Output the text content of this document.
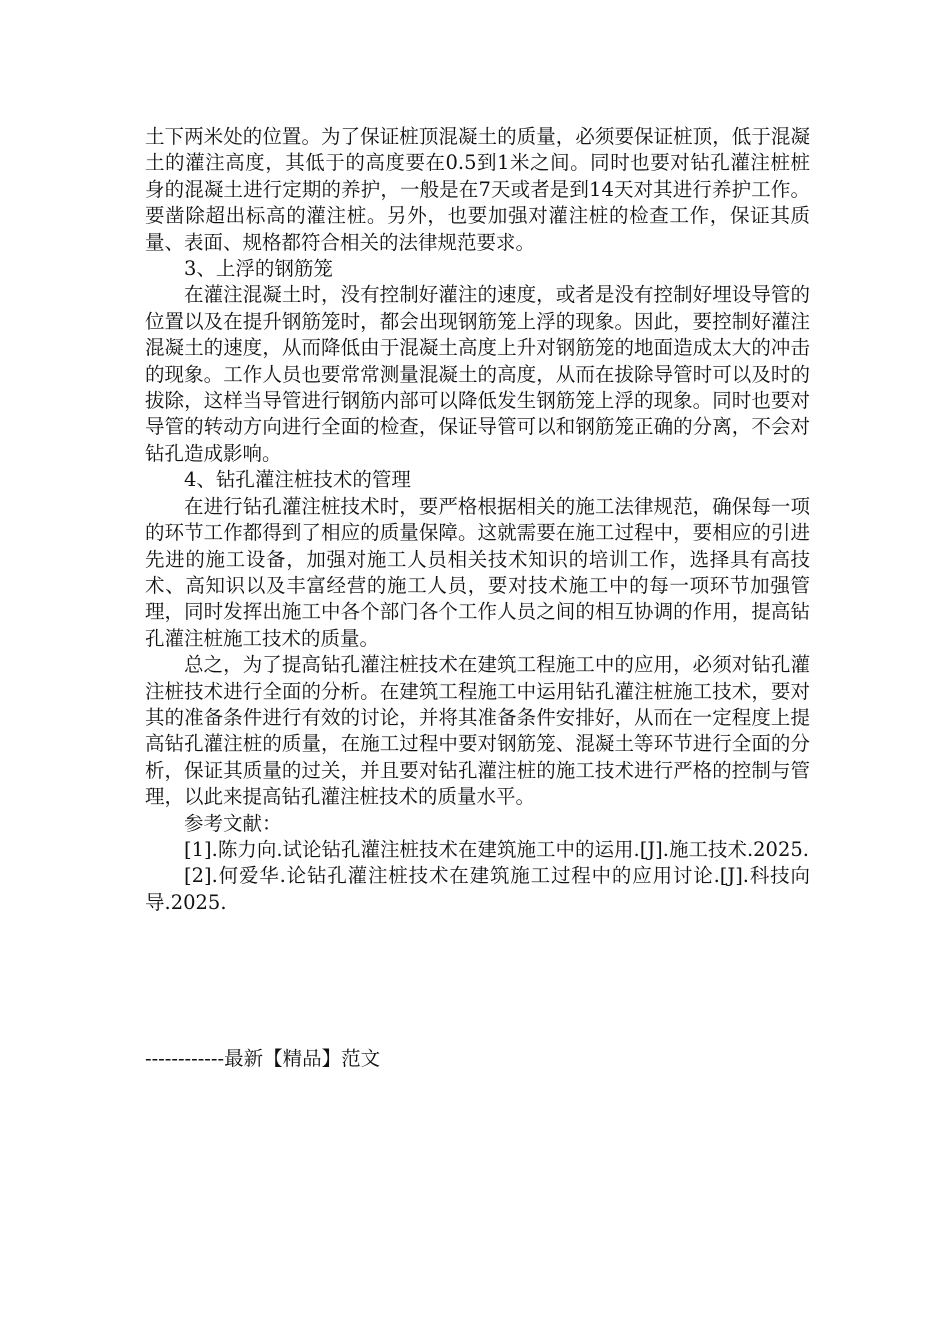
土下两米处的位置。为了保证桩顶混凝土的质量，必须要保证桩顶，低于混凝土的灌注高度，其低于的高度要在0.5到1米之间。同时也要对钻孔灌注桩桩身的混凝土进行定期的养护，一般是在7天或者是到14天对其进行养护工作。要凿除超出标高的灌注桩。另外，也要加强对灌注桩的检查工作，保证其质量、表面、规格都符合相关的法律规范要求。

3、上浮的钢筋笼

在灌注混凝土时，没有控制好灌注的速度，或者是没有控制好埋设导管的位置以及在提升钢筋笼时，都会出现钢筋笼上浮的现象。因此，要控制好灌注混凝土的速度，从而降低由于混凝土高度上升对钢筋笼的地面造成太大的冲击的现象。工作人员也要常常测量混凝土的高度，从而在拔除导管时可以及时的拔除，这样当导管进行钢筋内部可以降低发生钢筋笼上浮的现象。同时也要对导管的转动方向进行全面的检查，保证导管可以和钢筋笼正确的分离，不会对钻孔造成影响。

4、钻孔灌注桩技术的管理

在进行钻孔灌注桩技术时，要严格根据相关的施工法律规范，确保每一项的环节工作都得到了相应的质量保障。这就需要在施工过程中，要相应的引进先进的施工设备，加强对施工人员相关技术知识的培训工作，选择具有高技术、高知识以及丰富经营的施工人员，要对技术施工中的每一项环节加强管理，同时发挥出施工中各个部门各个工作人员之间的相互协调的作用，提高钻孔灌注桩施工技术的质量。

总之，为了提高钻孔灌注桩技术在建筑工程施工中的应用，必须对钻孔灌注桩技术进行全面的分析。在建筑工程施工中运用钻孔灌注桩施工技术，要对其的准备条件进行有效的讨论，并将其准备条件安排好，从而在一定程度上提高钻孔灌注桩的质量，在施工过程中要对钢筋笼、混凝土等环节进行全面的分析，保证其质量的过关，并且要对钻孔灌注桩的施工技术进行严格的控制与管理，以此来提高钻孔灌注桩技术的质量水平。

参考文献：

[1].陈力向.试论钻孔灌注桩技术在建筑施工中的运用.[J].施工技术.2025.

[2].何爱华.论钻孔灌注桩技术在建筑施工过程中的应用讨论.[J].科技向导.2025.

------------最新【精品】范文
